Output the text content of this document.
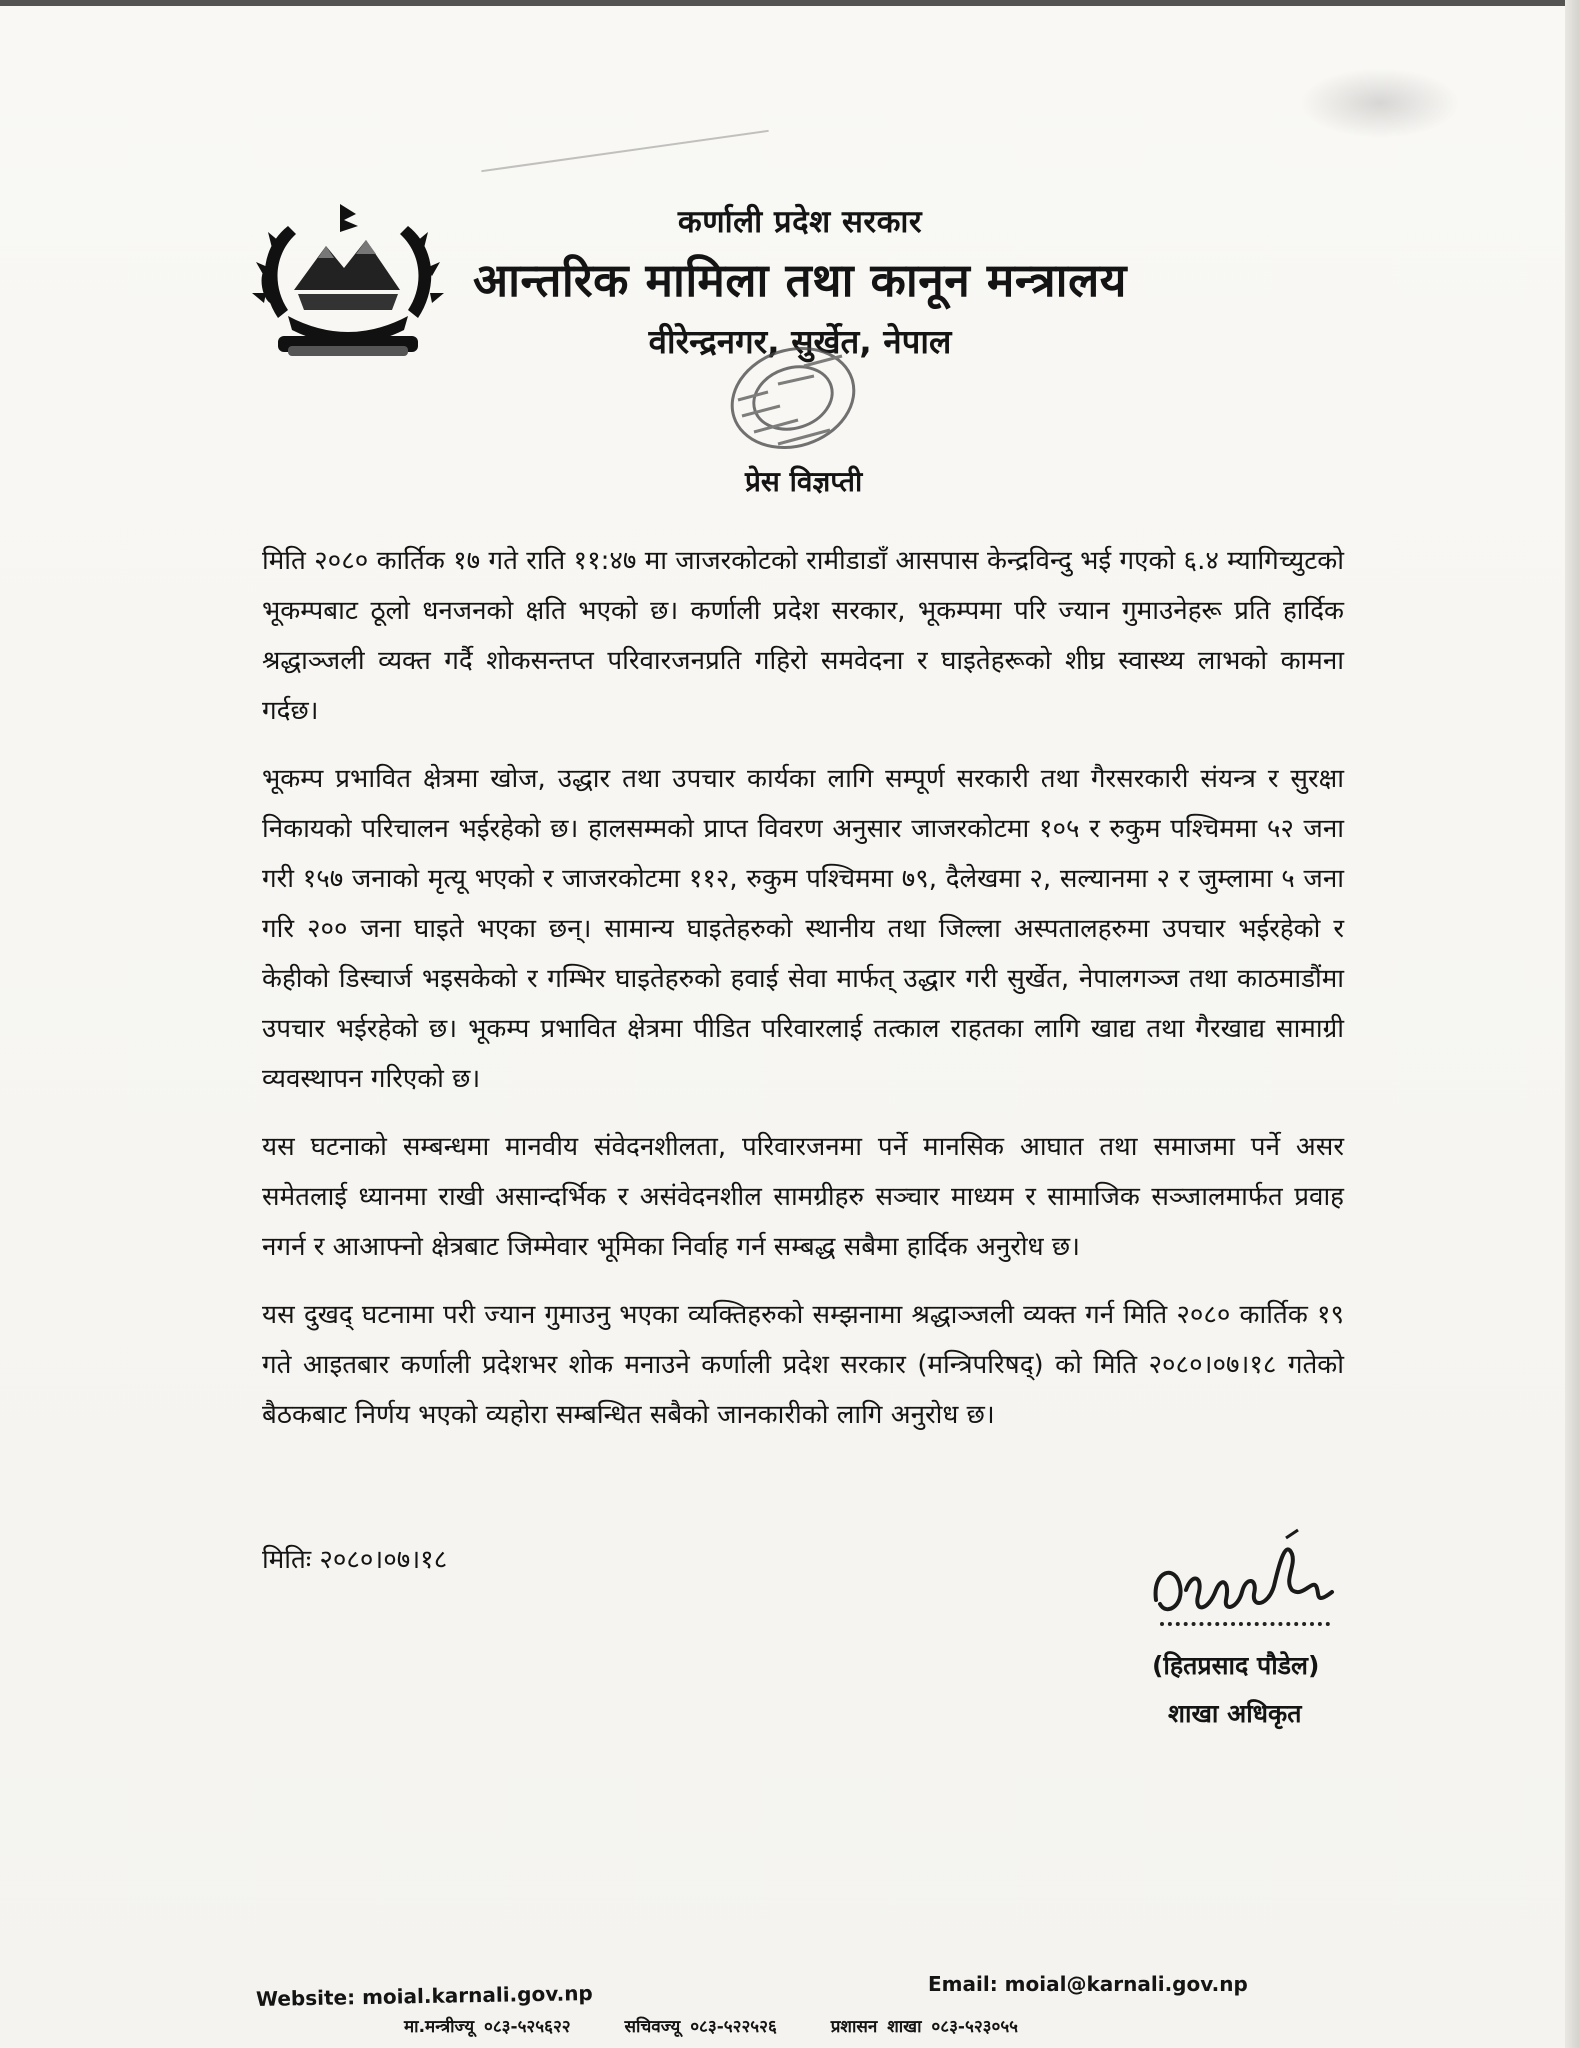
कर्णाली प्रदेश सरकार

आन्तरिक मामिला तथा कानून मन्त्रालय

वीरेन्द्रनगर, सुर्खेत, नेपाल

प्रेस विज्ञप्ती

मिति २०८० कार्तिक १७ गते राति ११:४७ मा जाजरकोटको रामीडाडाँ आसपास केन्द्रविन्दु भई गएको ६.४ म्यागिच्युटको भूकम्पबाट ठूलो धनजनको क्षति भएको छ। कर्णाली प्रदेश सरकार, भूकम्पमा परि ज्यान गुमाउनेहरू प्रति हार्दिक श्रद्धाञ्जली व्यक्त गर्दै शोकसन्तप्त परिवारजनप्रति गहिरो समवेदना र घाइतेहरूको शीघ्र स्वास्थ्य लाभको कामना गर्दछ।

भूकम्प प्रभावित क्षेत्रमा खोज, उद्धार तथा उपचार कार्यका लागि सम्पूर्ण सरकारी तथा गैरसरकारी संयन्त्र र सुरक्षा निकायको परिचालन भईरहेको छ। हालसम्मको प्राप्त विवरण अनुसार जाजरकोटमा १०५ र रुकुम पश्चिममा ५२ जना गरी १५७ जनाको मृत्यू भएको र जाजरकोटमा ११२, रुकुम पश्चिममा ७९, दैलेखमा २, सल्यानमा २ र जुम्लामा ५ जना गरि २०० जना घाइते भएका छन्। सामान्य घाइतेहरुको स्थानीय तथा जिल्ला अस्पतालहरुमा उपचार भईरहेको र केहीको डिस्चार्ज भइसकेको र गम्भिर घाइतेहरुको हवाई सेवा मार्फत् उद्धार गरी सुर्खेत, नेपालगञ्ज तथा काठमाडौंमा उपचार भईरहेको छ। भूकम्प प्रभावित क्षेत्रमा पीडित परिवारलाई तत्काल राहतका लागि खाद्य तथा गैरखाद्य सामाग्री व्यवस्थापन गरिएको छ।

यस घटनाको सम्बन्धमा मानवीय संवेदनशीलता, परिवारजनमा पर्ने मानसिक आघात तथा समाजमा पर्ने असर समेतलाई ध्यानमा राखी असान्दर्भिक र असंवेदनशील सामग्रीहरु सञ्चार माध्यम र सामाजिक सञ्जालमार्फत प्रवाह नगर्न र आआफ्नो क्षेत्रबाट जिम्मेवार भूमिका निर्वाह गर्न सम्बद्ध सबैमा हार्दिक अनुरोध छ।

यस दुखद् घटनामा परी ज्यान गुमाउनु भएका व्यक्तिहरुको सम्झनामा श्रद्धाञ्जली व्यक्त गर्न मिति २०८० कार्तिक १९ गते आइतबार कर्णाली प्रदेशभर शोक मनाउने कर्णाली प्रदेश सरकार (मन्त्रिपरिषद्) को मिति २०८०।०७।१८ गतेको बैठकबाट निर्णय भएको व्यहोरा सम्बन्धित सबैको जानकारीको लागि अनुरोध छ।

मितिः २०८०।०७।१८
(हितप्रसाद पौडेल)
शाखा अधिकृत
Website: moial.karnali.gov.np	Email: moial@karnali.gov.np
मा.मन्त्रीज्यू ०८३-५२५६२२	सचिवज्यू ०८३-५२२५२६	प्रशासन शाखा ०८३-५२३०५५
